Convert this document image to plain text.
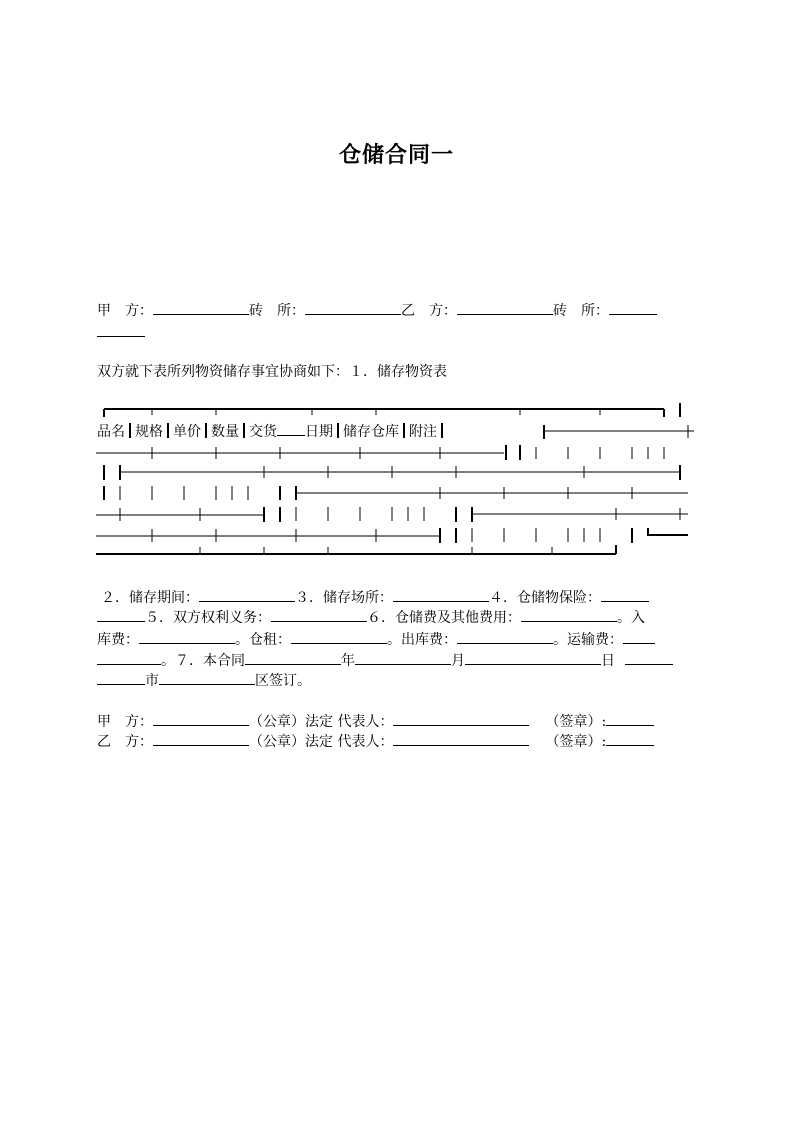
仓储合同一
甲　方：	砖　所：	乙　方：	砖　所：
双方就下表所列物资储存事宜协商如下：１．储存物资表
品名 规格 单价 数量 交货 日期 储存仓库 附注
２．储存期间：	３．储存场所：	４．仓储物保险：
５．双方权利义务：	６．仓储费及其他费用：	。入
库费：	。仓租：	。出库费：	。运输费：
。７．本合同	年	月	日
市	区签订。
甲　方：	（公章）法定 代表人：	（签章）:
乙　方：	（公章）法定 代表人：	（签章）:
